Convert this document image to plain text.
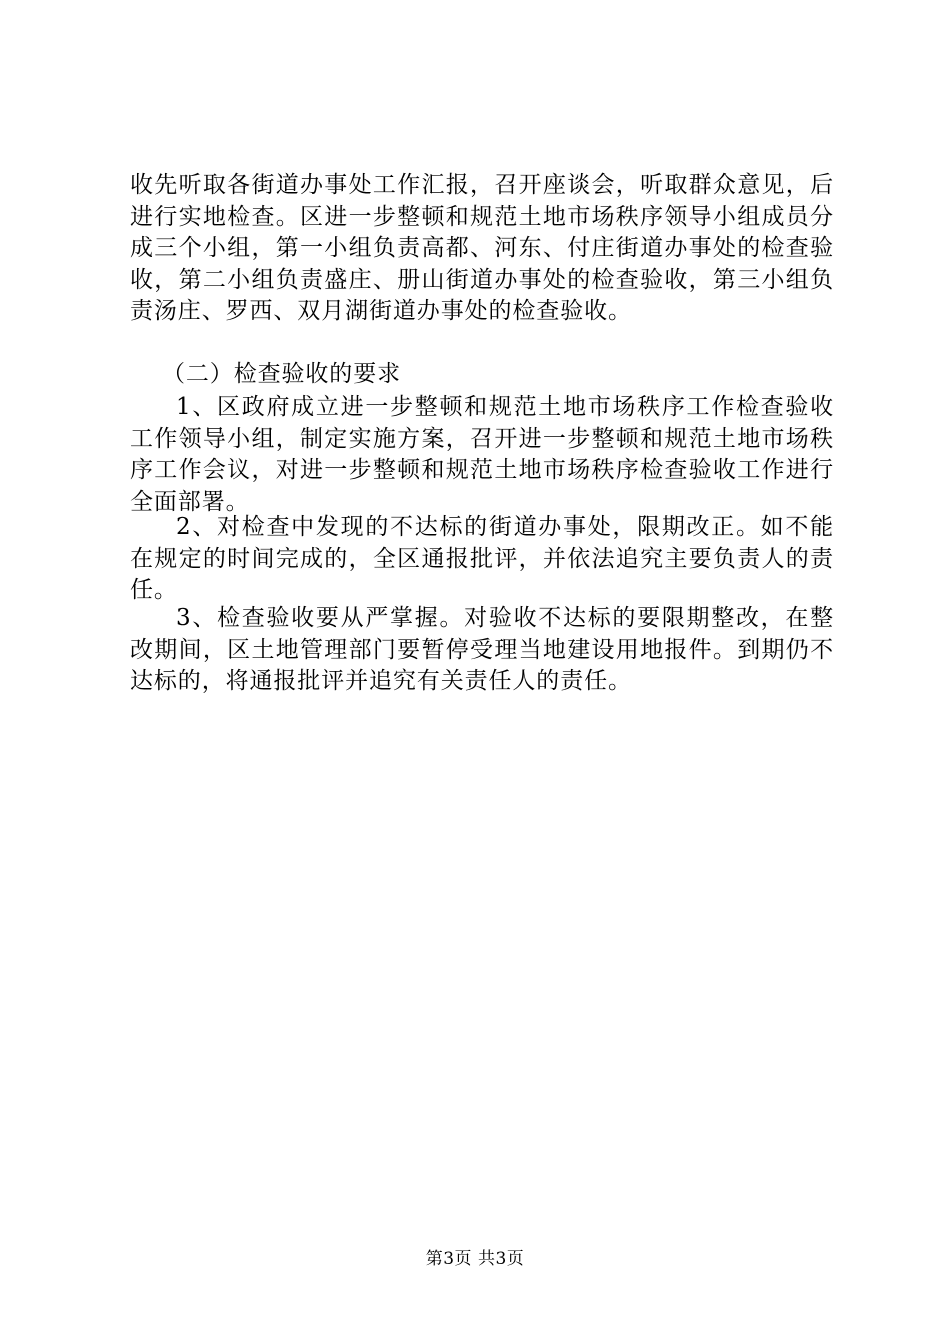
收先听取各街道办事处工作汇报，召开座谈会，听取群众意见，后进行实地检查。区进一步整顿和规范土地市场秩序领导小组成员分成三个小组，第一小组负责高都、河东、付庄街道办事处的检查验收，第二小组负责盛庄、册山街道办事处的检查验收，第三小组负责汤庄、罗西、双月湖街道办事处的检查验收。

（二）检查验收的要求

1、区政府成立进一步整顿和规范土地市场秩序工作检查验收工作领导小组，制定实施方案，召开进一步整顿和规范土地市场秩序工作会议，对进一步整顿和规范土地市场秩序检查验收工作进行全面部署。

2、对检查中发现的不达标的街道办事处，限期改正。如不能在规定的时间完成的，全区通报批评，并依法追究主要负责人的责任。

3、检查验收要从严掌握。对验收不达标的要限期整改，在整改期间，区土地管理部门要暂停受理当地建设用地报件。到期仍不达标的，将通报批评并追究有关责任人的责任。

第3页 共3页
